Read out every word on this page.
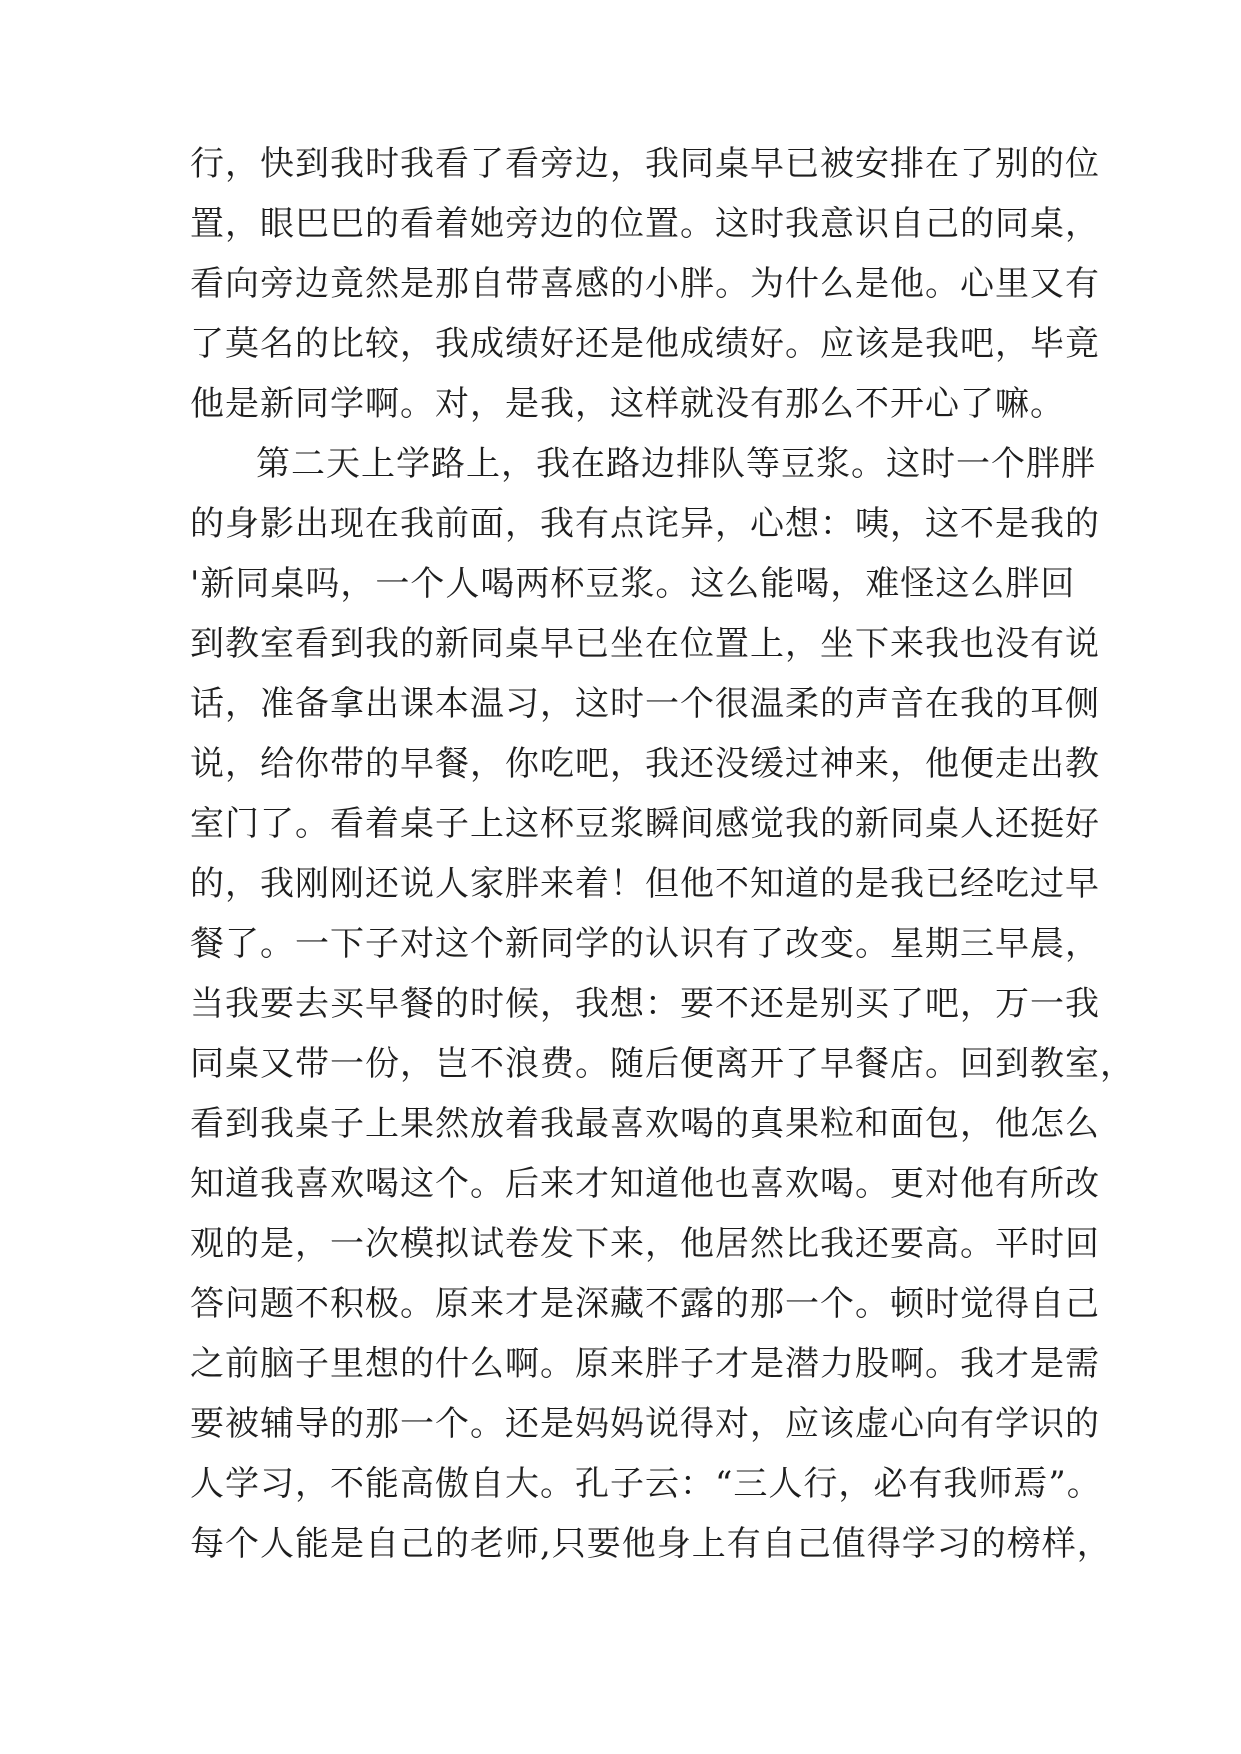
行，快到我时我看了看旁边，我同桌早已被安排在了别的位
置，眼巴巴的看着她旁边的位置。这时我意识自己的同桌，
看向旁边竟然是那自带喜感的小胖。为什么是他。心里又有
了莫名的比较，我成绩好还是他成绩好。应该是我吧，毕竟
他是新同学啊。对，是我，这样就没有那么不开心了嘛。
第二天上学路上，我在路边排队等豆浆。这时一个胖胖
的身影出现在我前面，我有点诧异，心想：咦，这不是我的
'新同桌吗，一个人喝两杯豆浆。这么能喝，难怪这么胖回
到教室看到我的新同桌早已坐在位置上，坐下来我也没有说
话，准备拿出课本温习，这时一个很温柔的声音在我的耳侧
说，给你带的早餐，你吃吧，我还没缓过神来，他便走出教
室门了。看着桌子上这杯豆浆瞬间感觉我的新同桌人还挺好
的，我刚刚还说人家胖来着！但他不知道的是我已经吃过早
餐了。一下子对这个新同学的认识有了改变。星期三早晨，
当我要去买早餐的时候，我想：要不还是别买了吧，万一我
同桌又带一份，岂不浪费。随后便离开了早餐店。回到教室，
看到我桌子上果然放着我最喜欢喝的真果粒和面包，他怎么
知道我喜欢喝这个。后来才知道他也喜欢喝。更对他有所改
观的是，一次模拟试卷发下来，他居然比我还要高。平时回
答问题不积极。原来才是深藏不露的那一个。顿时觉得自己
之前脑子里想的什么啊。原来胖子才是潜力股啊。我才是需
要被辅导的那一个。还是妈妈说得对，应该虚心向有学识的
人学习，不能高傲自大。孔子云：“三人行，必有我师焉”。
每个人能是自己的老师,只要他身上有自己值得学习的榜样，
